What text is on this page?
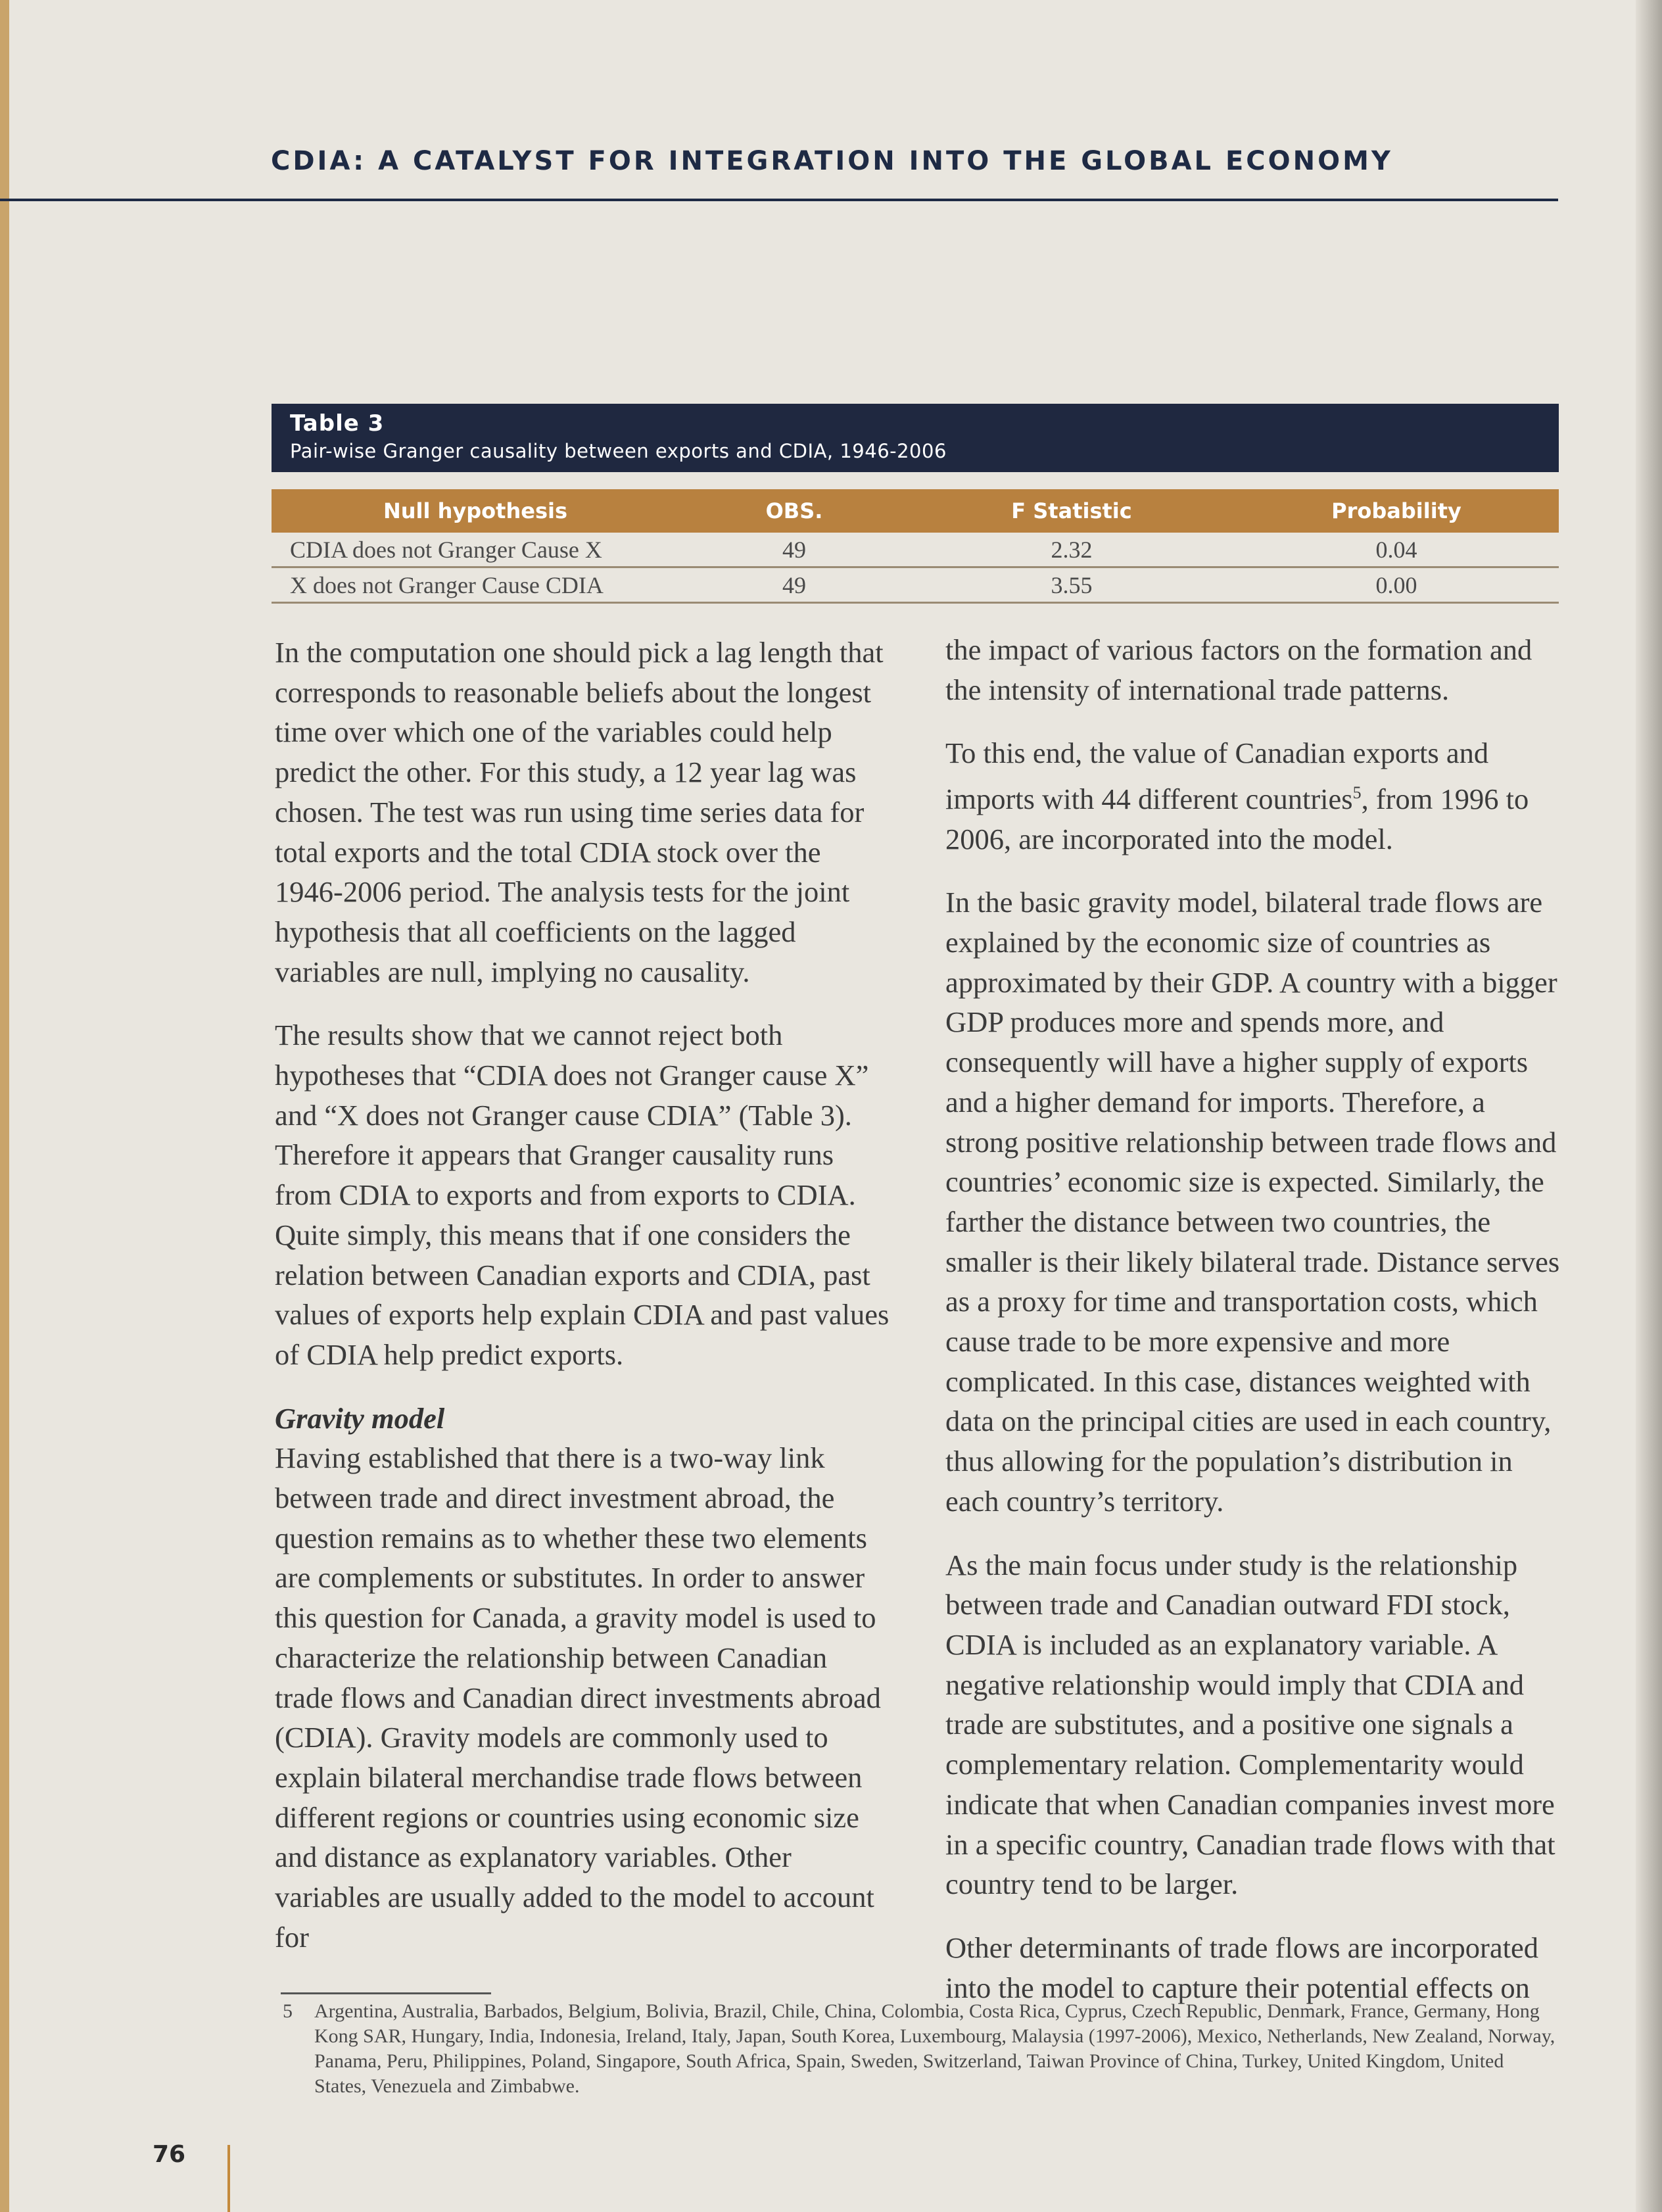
CDIA: A CATALYST FOR INTEGRATION INTO THE GLOBAL ECONOMY
Table 3
Pair-wise Granger causality between exports and CDIA, 1946-2006
Null hypothesis	OBS.	F Statistic	Probability
CDIA does not Granger Cause X	49	2.32	0.04
X does not Granger Cause CDIA	49	3.55	0.00

In the computation one should pick a lag length that corresponds to reasonable beliefs about the longest time over which one of the variables could help predict the other. For this study, a 12 year lag was chosen. The test was run using time series data for total exports and the total CDIA stock over the 1946-2006 period. The analysis tests for the joint hypothesis that all coefficients on the lagged variables are null, implying no causality.

The results show that we cannot reject both hypotheses that “CDIA does not Granger cause X” and “X does not Granger cause CDIA” (Table 3). Therefore it appears that Granger causality runs from CDIA to exports and from exports to CDIA. Quite simply, this means that if one considers the relation between Canadian exports and CDIA, past values of exports help explain CDIA and past values of CDIA help predict exports.

Gravity model

Having established that there is a two-way link between trade and direct investment abroad, the question remains as to whether these two elements are complements or substitutes. In order to answer this question for Canada, a gravity model is used to characterize the relationship between Canadian trade flows and Canadian direct investments abroad (CDIA). Gravity models are commonly used to explain bilateral merchandise trade flows between different regions or countries using economic size and distance as explanatory variables. Other variables are usually added to the model to account for

the impact of various factors on the formation and the intensity of international trade patterns.

To this end, the value of Canadian exports and imports with 44 different countries$^5$, from 1996 to 2006, are incorporated into the model.

In the basic gravity model, bilateral trade flows are explained by the economic size of countries as approximated by their GDP. A country with a bigger GDP produces more and spends more, and consequently will have a higher supply of exports and a higher demand for imports. Therefore, a strong positive relationship between trade flows and countries’ economic size is expected. Similarly, the farther the distance between two countries, the smaller is their likely bilateral trade. Distance serves as a proxy for time and transportation costs, which cause trade to be more expensive and more complicated. In this case, distances weighted with data on the principal cities are used in each country, thus allowing for the population’s distribution in each country’s territory.

As the main focus under study is the relationship between trade and Canadian outward FDI stock, CDIA is included as an explanatory variable. A negative relationship would imply that CDIA and trade are substitutes, and a positive one signals a complementary relation. Complementarity would indicate that when Canadian companies invest more in a specific country, Canadian trade flows with that country tend to be larger.

Other determinants of trade flows are incorporated into the model to capture their potential effects on

5 Argentina, Australia, Barbados, Belgium, Bolivia, Brazil, Chile, China, Colombia, Costa Rica, Cyprus, Czech Republic, Denmark, France, Germany, Hong Kong SAR, Hungary, India, Indonesia, Ireland, Italy, Japan, South Korea, Luxembourg, Malaysia (1997-2006), Mexico, Netherlands, New Zealand, Norway, Panama, Peru, Philippines, Poland, Singapore, South Africa, Spain, Sweden, Switzerland, Taiwan Province of China, Turkey, United Kingdom, United States, Venezuela and Zimbabwe.
76
